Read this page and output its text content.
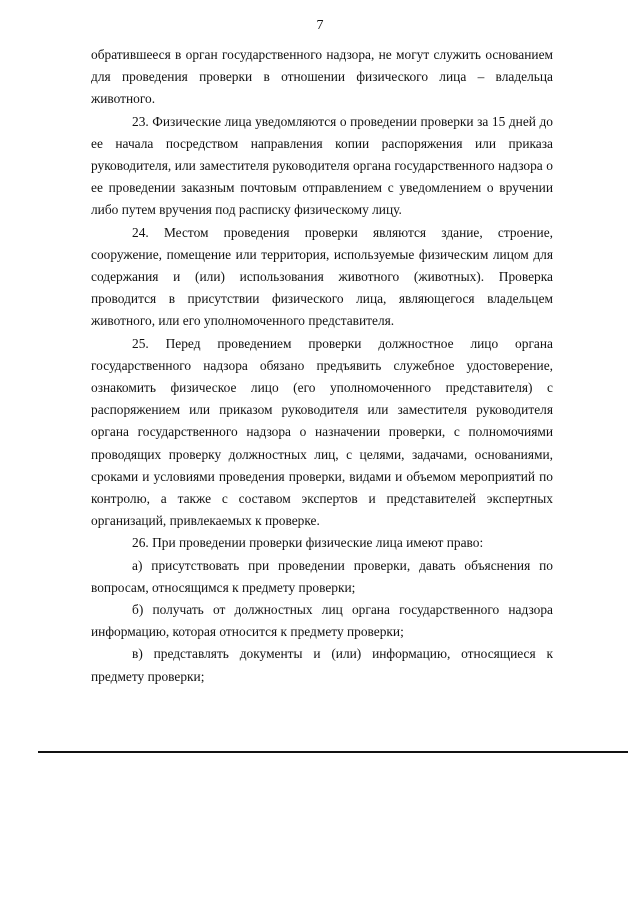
7

обратившееся в орган государственного надзора, не могут служить основанием для проведения проверки в отношении физического лица – владельца животного.

23. Физические лица уведомляются о проведении проверки за 15 дней до ее начала посредством направления копии распоряжения или приказа руководителя, или заместителя руководителя органа государственного надзора о ее проведении заказным почтовым отправлением с уведомлением о вручении либо путем вручения под расписку физическому лицу.

24. Местом проведения проверки являются здание, строение, сооружение, помещение или территория, используемые физическим лицом для содержания и (или) использования животного (животных). Проверка проводится в присутствии физического лица, являющегося владельцем животного, или его уполномоченного представителя.

25. Перед проведением проверки должностное лицо органа государственного надзора обязано предъявить служебное удостоверение, ознакомить физическое лицо (его уполномоченного представителя) с распоряжением или приказом руководителя или заместителя руководителя органа государственного надзора о назначении проверки, с полномочиями проводящих проверку должностных лиц, с целями, задачами, основаниями, сроками и условиями проведения проверки, видами и объемом мероприятий по контролю, а также с составом экспертов и представителей экспертных организаций, привлекаемых к проверке.

26. При проведении проверки физические лица имеют право:

а) присутствовать при проведении проверки, давать объяснения по вопросам, относящимся к предмету проверки;

б) получать от должностных лиц органа государственного надзора информацию, которая относится к предмету проверки;

в) представлять документы и (или) информацию, относящиеся к предмету проверки;
